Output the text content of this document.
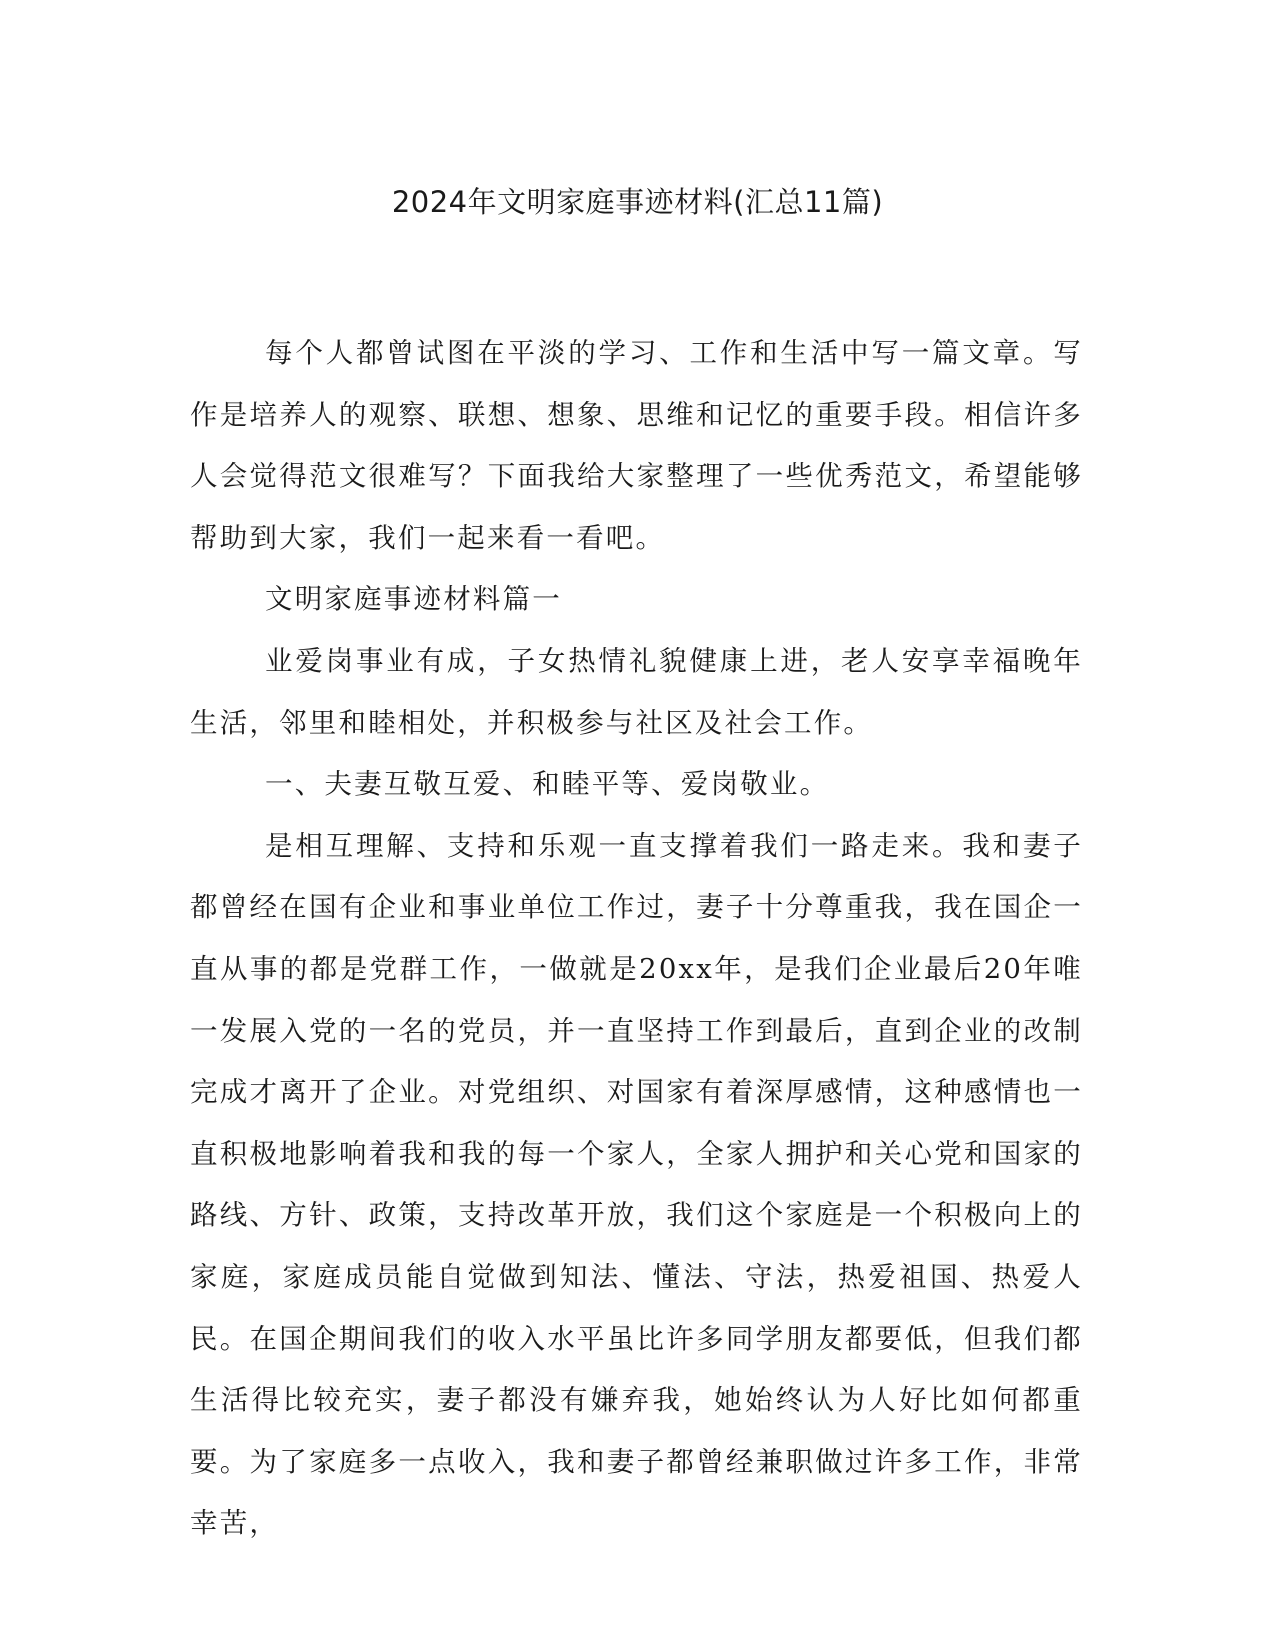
2024年文明家庭事迹材料(汇总11篇)

每个人都曾试图在平淡的学习、工作和生活中写一篇文章。写作是培养人的观察、联想、想象、思维和记忆的重要手段。相信许多人会觉得范文很难写？下面我给大家整理了一些优秀范文，希望能够帮助到大家，我们一起来看一看吧。

文明家庭事迹材料篇一

业爱岗事业有成，子女热情礼貌健康上进，老人安享幸福晚年生活，邻里和睦相处，并积极参与社区及社会工作。

一、夫妻互敬互爱、和睦平等、爱岗敬业。

是相互理解、支持和乐观一直支撑着我们一路走来。我和妻子都曾经在国有企业和事业单位工作过，妻子十分尊重我，我在国企一直从事的都是党群工作，一做就是20xx年，是我们企业最后20年唯一发展入党的一名的党员，并一直坚持工作到最后，直到企业的改制完成才离开了企业。对党组织、对国家有着深厚感情，这种感情也一直积极地影响着我和我的每一个家人，全家人拥护和关心党和国家的路线、方针、政策，支持改革开放，我们这个家庭是一个积极向上的家庭，家庭成员能自觉做到知法、懂法、守法，热爱祖国、热爱人民。在国企期间我们的收入水平虽比许多同学朋友都要低，但我们都生活得比较充实，妻子都没有嫌弃我，她始终认为人好比如何都重要。为了家庭多一点收入，我和妻子都曾经兼职做过许多工作，非常幸苦，
